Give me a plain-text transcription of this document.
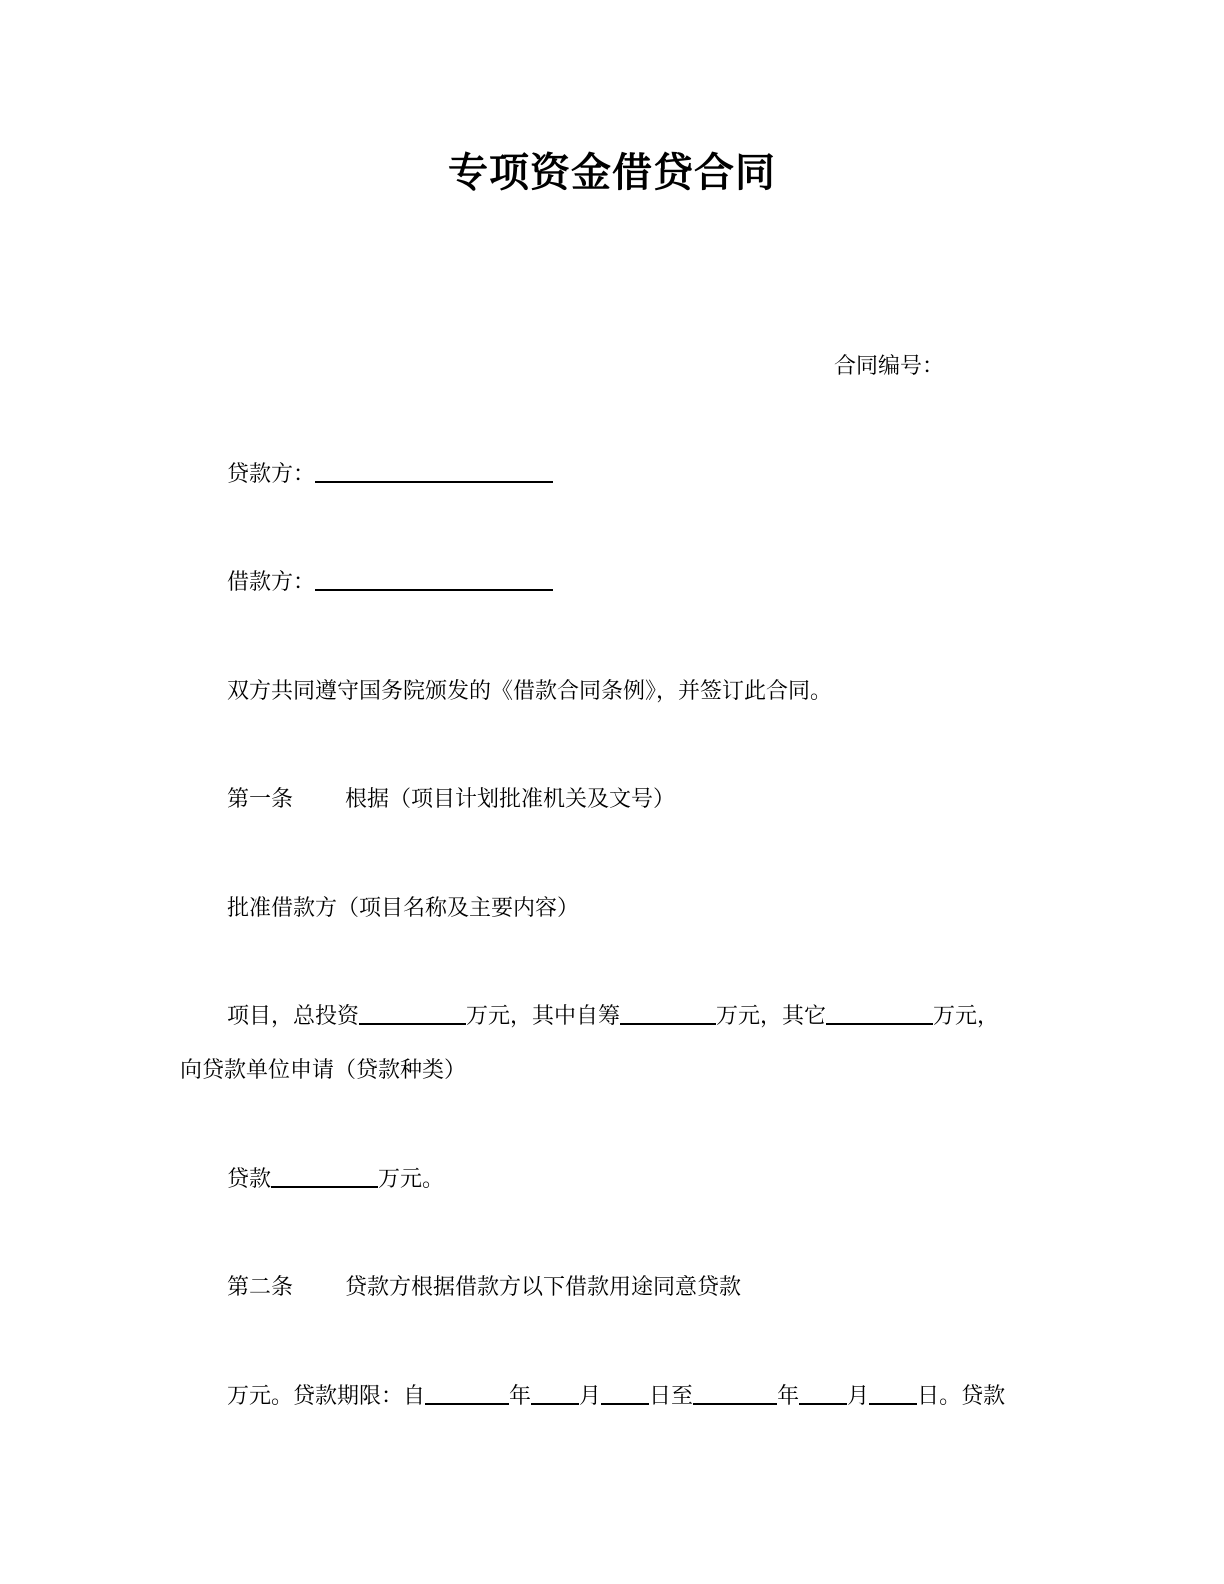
专项资金借贷合同
合同编号：
贷款方：
借款方：
双方共同遵守国务院颁发的《借款合同条例》，并签订此合同。
第一条 根据（项目计划批准机关及文号）
批准借款方（项目名称及主要内容）
项目，总投资	万元，其中自筹	万元，其它	万元，
向贷款单位申请（贷款种类）
贷款	万元。
第二条 贷款方根据借款方以下借款用途同意贷款
万元。贷款期限：自	年 月 日至	年 月 日。贷款
